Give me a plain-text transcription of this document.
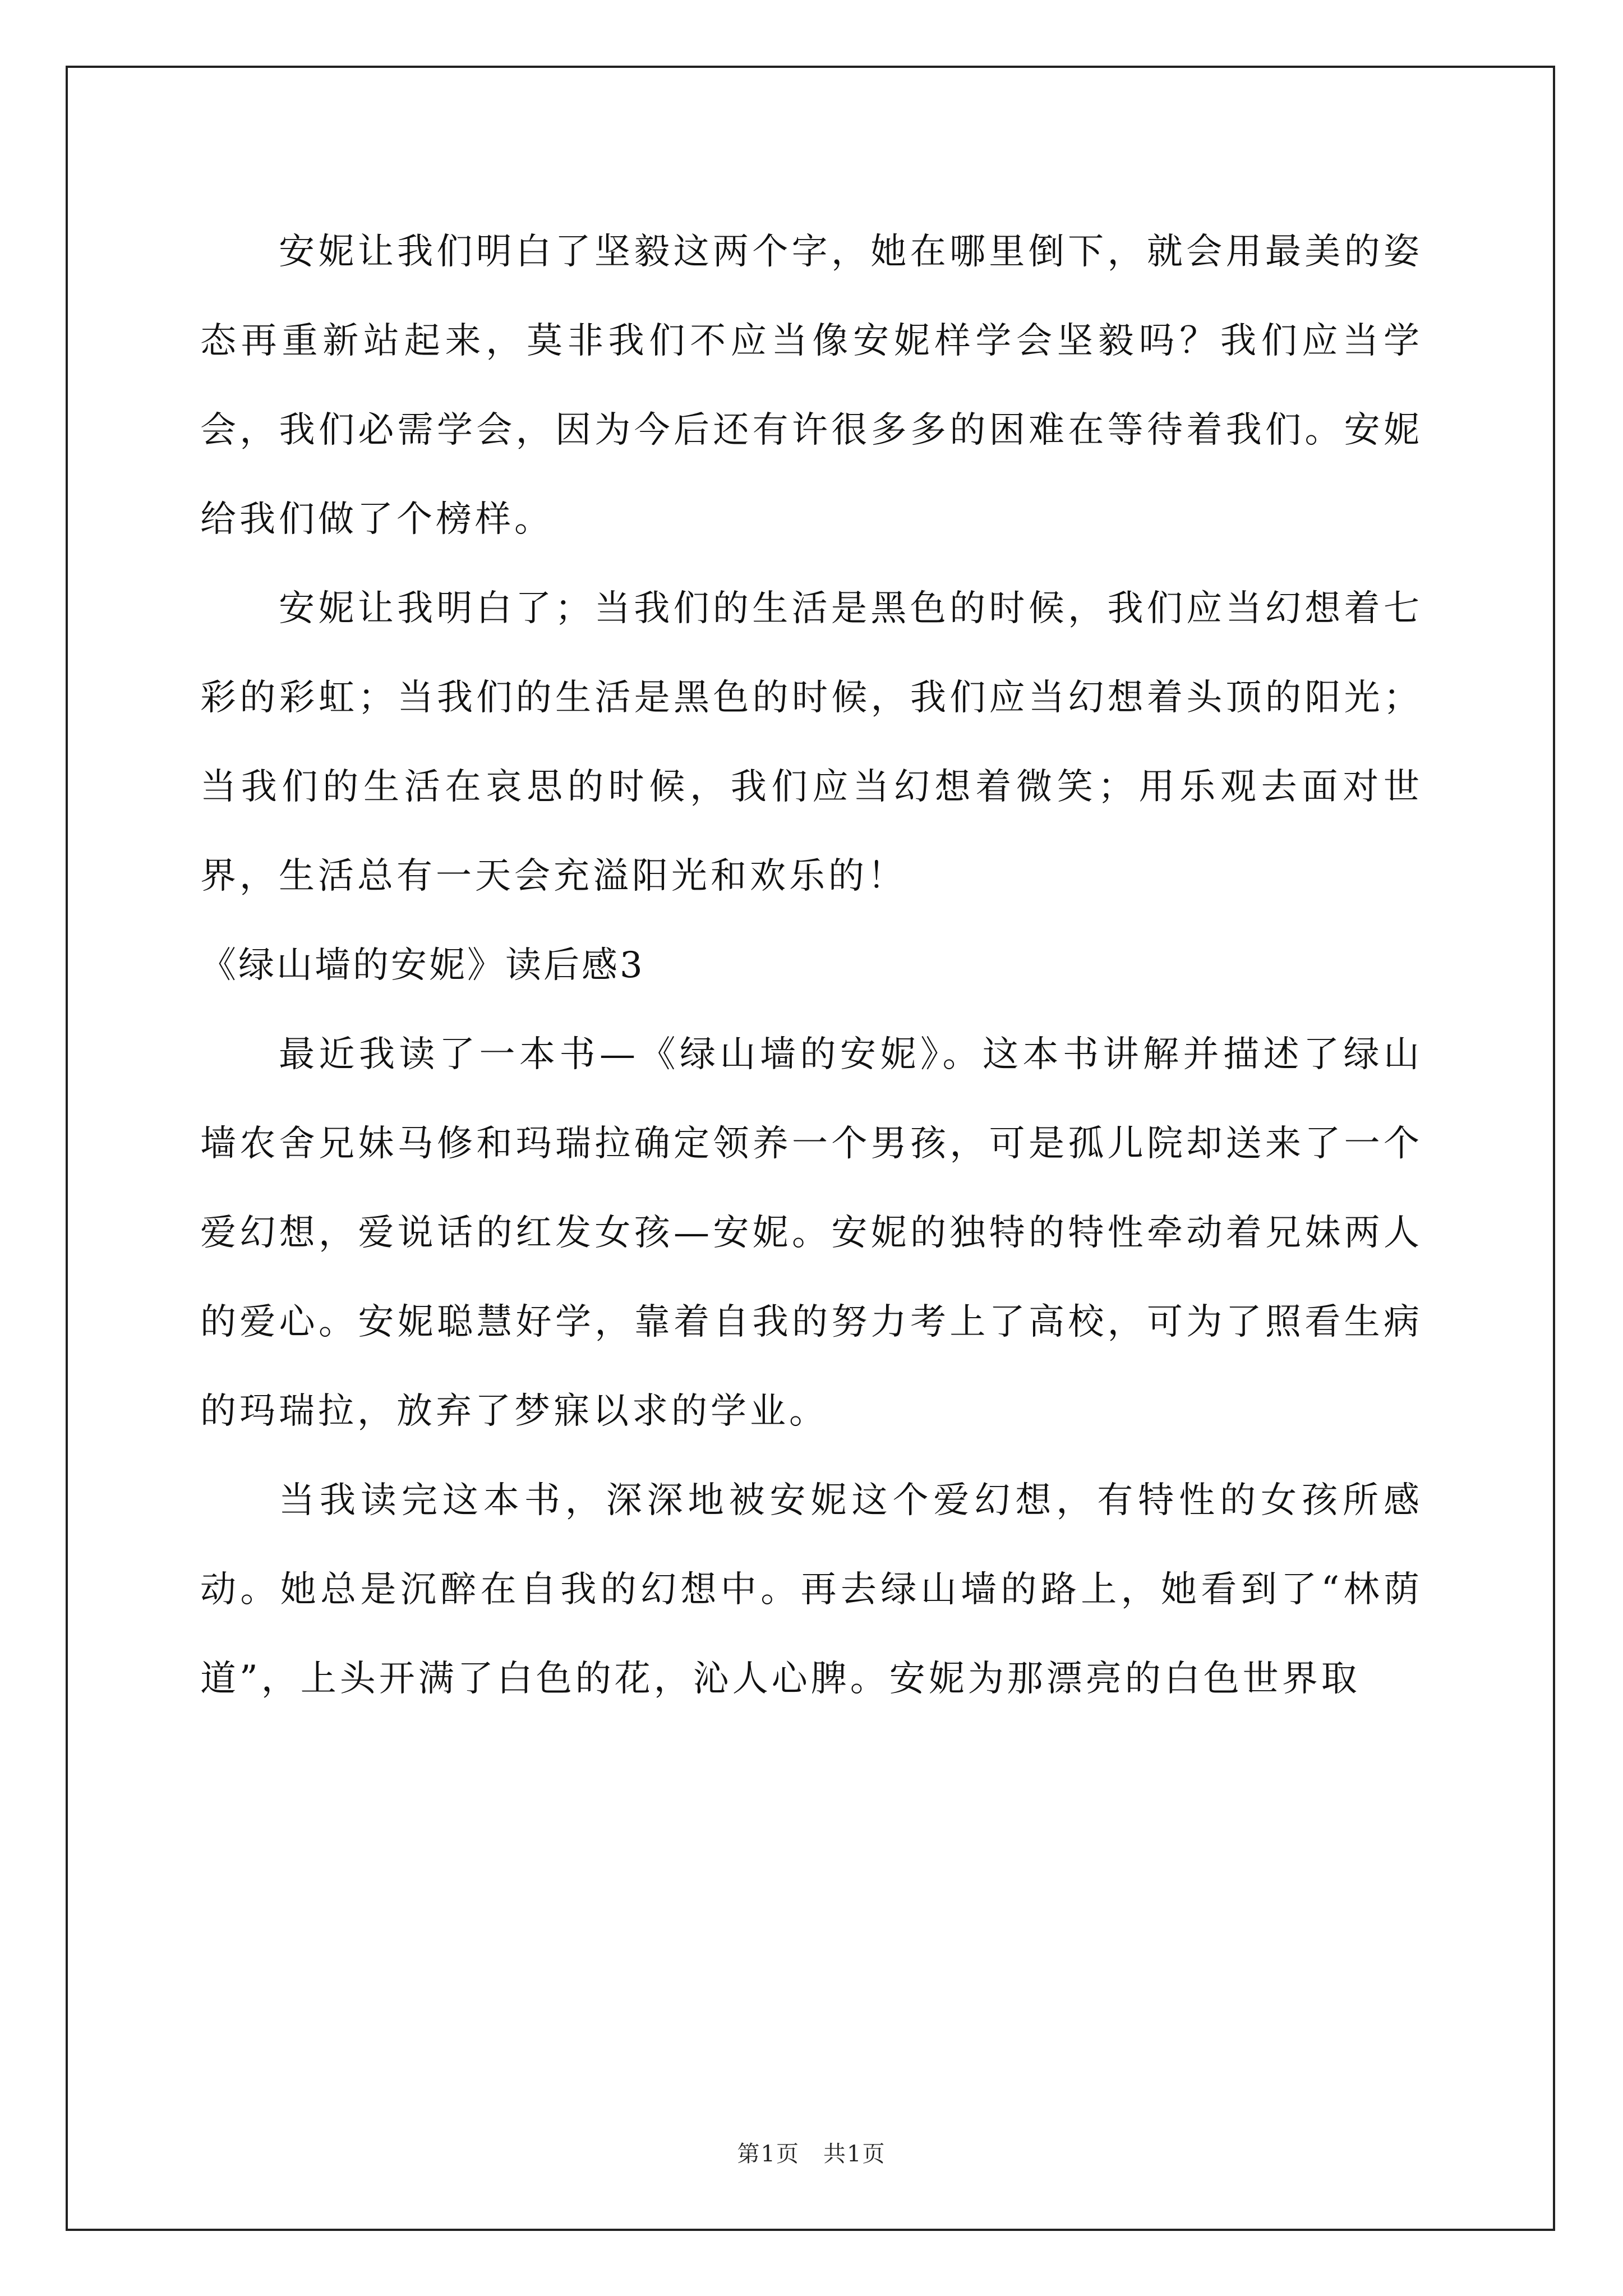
安妮让我们明白了坚毅这两个字，她在哪里倒下，就会用最美的姿态再重新站起来，莫非我们不应当像安妮样学会坚毅吗？我们应当学会，我们必需学会，因为今后还有许很多多的困难在等待着我们。安妮给我们做了个榜样。

安妮让我明白了；当我们的生活是黑色的时候，我们应当幻想着七彩的彩虹；当我们的生活是黑色的时候，我们应当幻想着头顶的阳光；当我们的生活在哀思的时候，我们应当幻想着微笑；用乐观去面对世界，生活总有一天会充溢阳光和欢乐的！

《绿山墙的安妮》读后感3

最近我读了一本书—《绿山墙的安妮》。这本书讲解并描述了绿山墙农舍兄妹马修和玛瑞拉确定领养一个男孩，可是孤儿院却送来了一个爱幻想，爱说话的红发女孩—安妮。安妮的独特的特性牵动着兄妹两人的爱心。安妮聪慧好学，靠着自我的努力考上了高校，可为了照看生病的玛瑞拉，放弃了梦寐以求的学业。

当我读完这本书，深深地被安妮这个爱幻想，有特性的女孩所感动。她总是沉醉在自我的幻想中。再去绿山墙的路上，她看到了“林荫道”，上头开满了白色的花，沁人心脾。安妮为那漂亮的白色世界取

第1页　共1页
